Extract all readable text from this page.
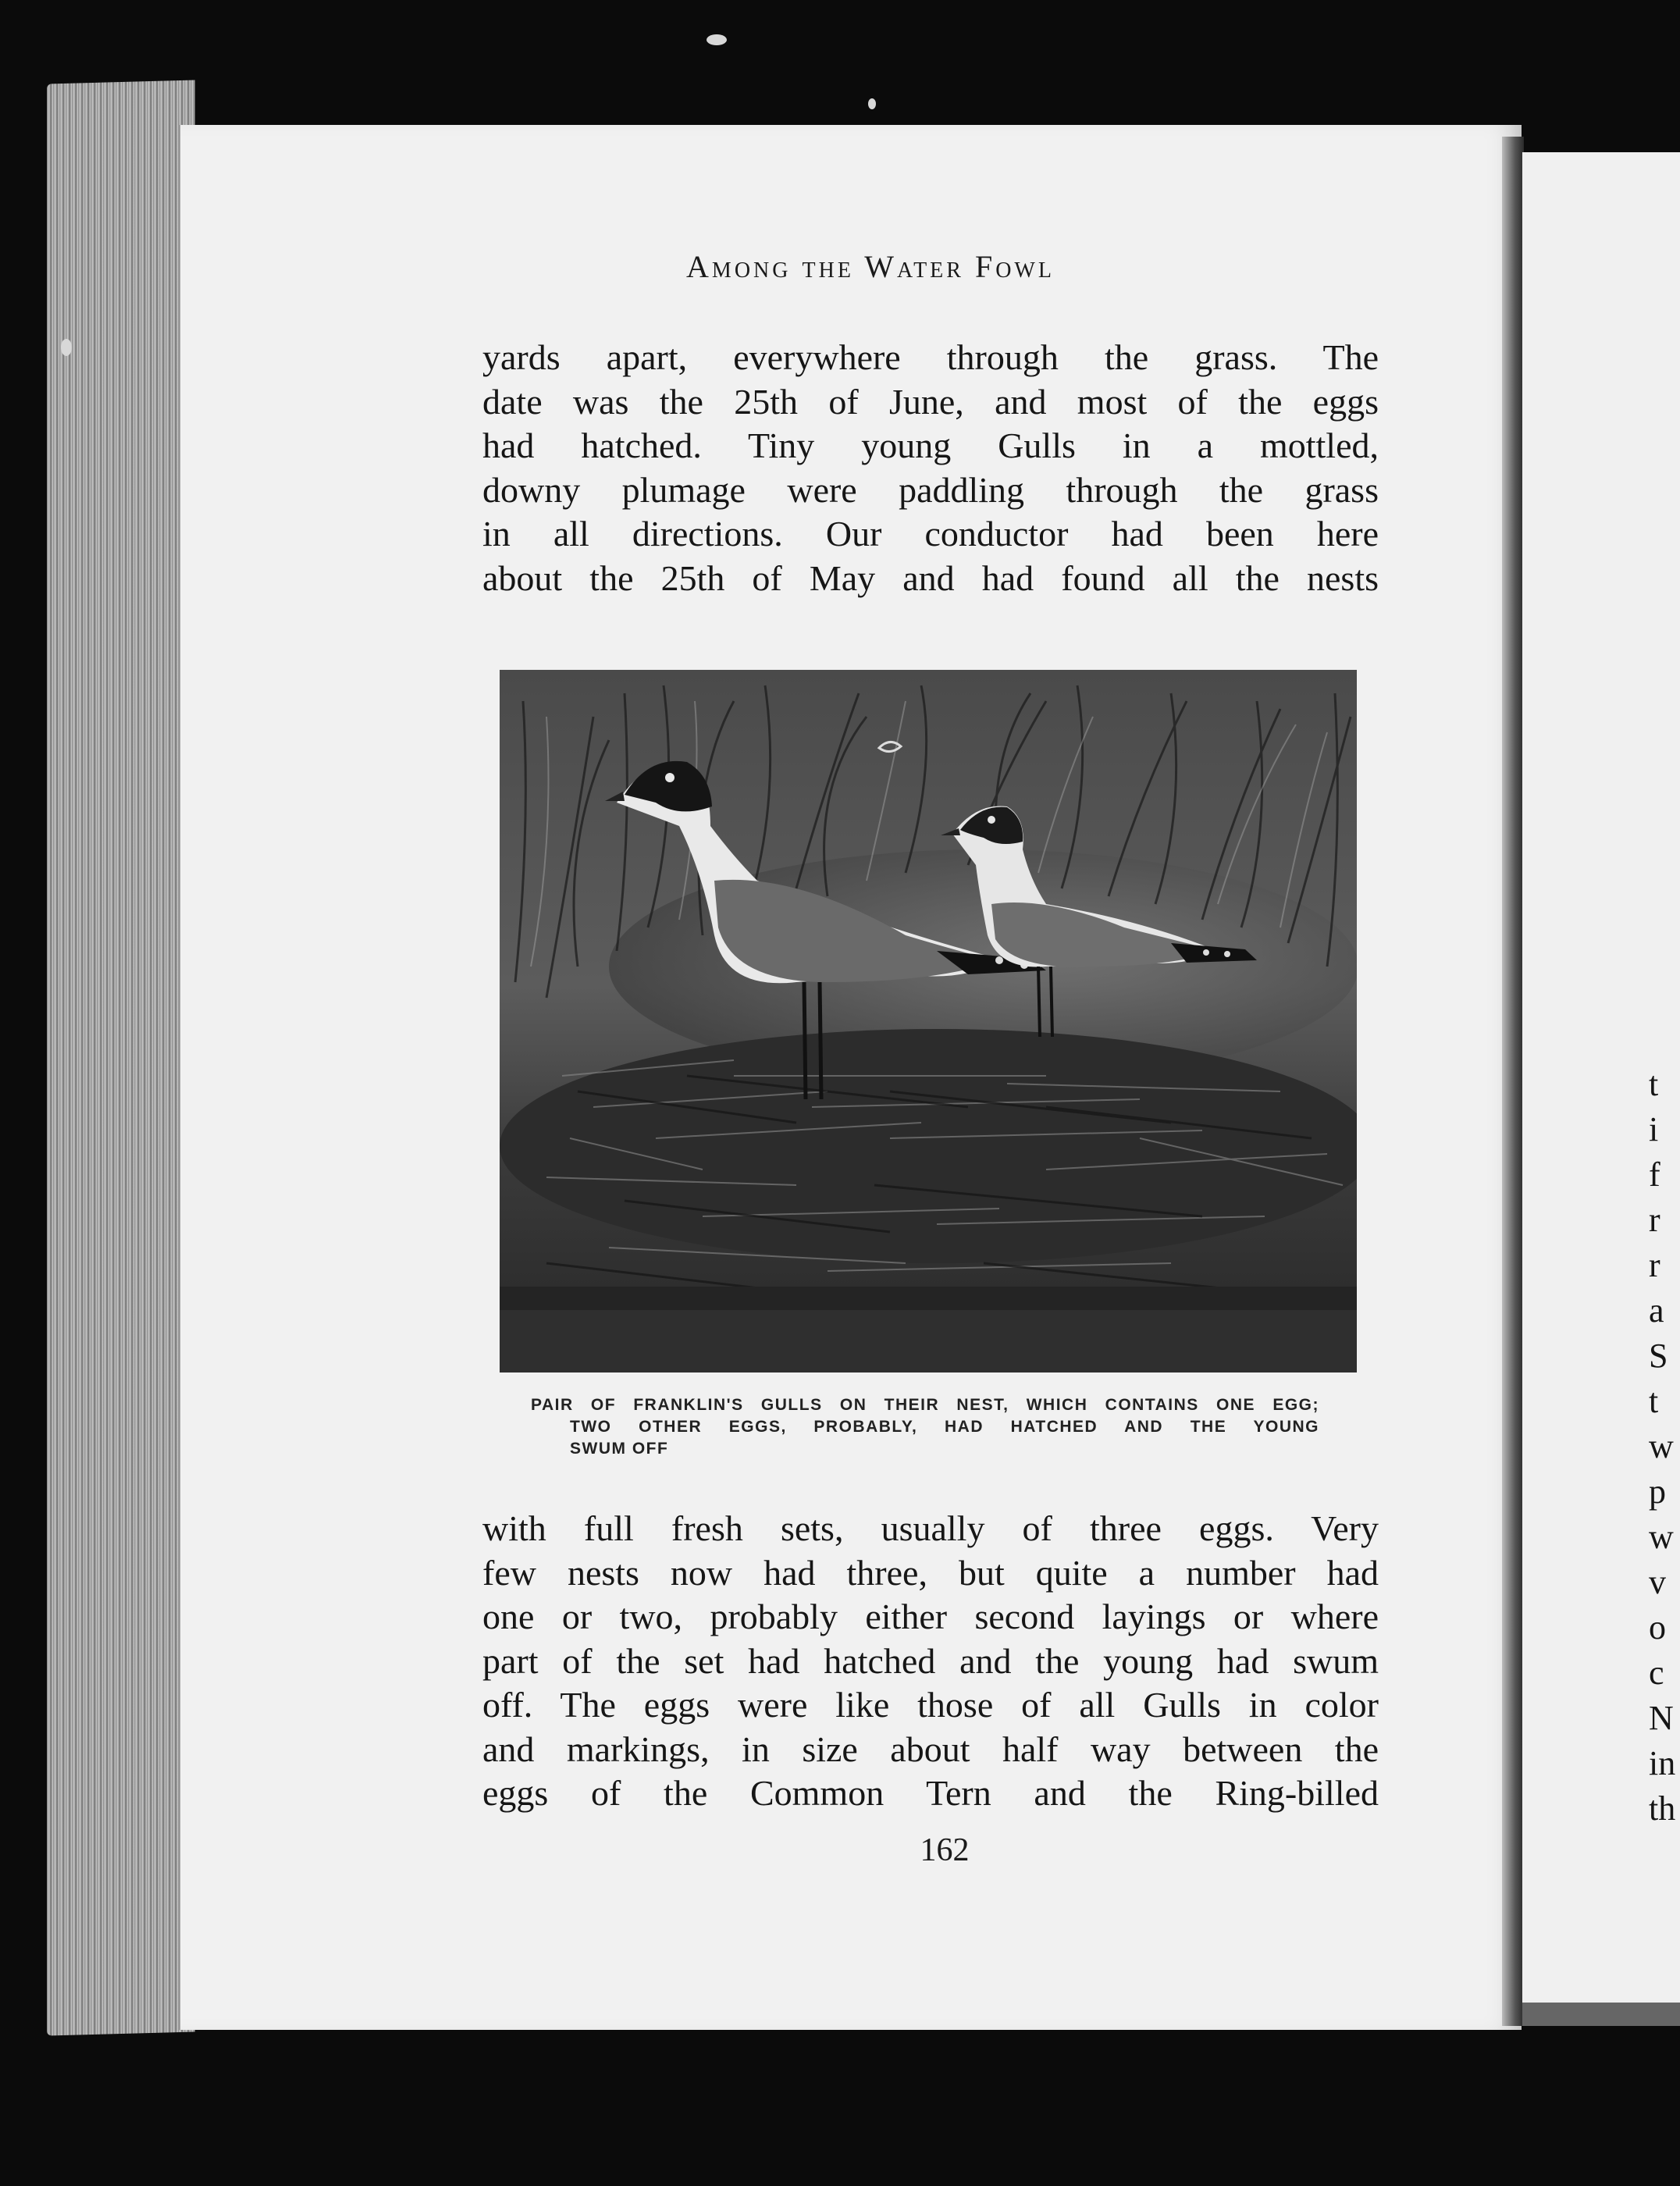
Among the Water Fowl
yards apart, everywhere through the grass. The
date was the 25th of June, and most of the eggs
had hatched. Tiny young Gulls in a mottled,
downy plumage were paddling through the grass
in all directions. Our conductor had been here
about the 25th of May and had found all the nests
PAIR OF FRANKLIN'S GULLS ON THEIR NEST, WHICH CONTAINS ONE EGG;
TWO OTHER EGGS, PROBABLY, HAD HATCHED AND THE YOUNG
SWUM OFF
with full fresh sets, usually of three eggs. Very
few nests now had three, but quite a number had
one or two, probably either second layings or where
part of the set had hatched and the young had swum
off. The eggs were like those of all Gulls in color
and markings, in size about half way between the
eggs of the Common Tern and the Ring-billed
162
t
i
f
r
r
a
S
t
w
p
w
v
o
c
N
in
th
